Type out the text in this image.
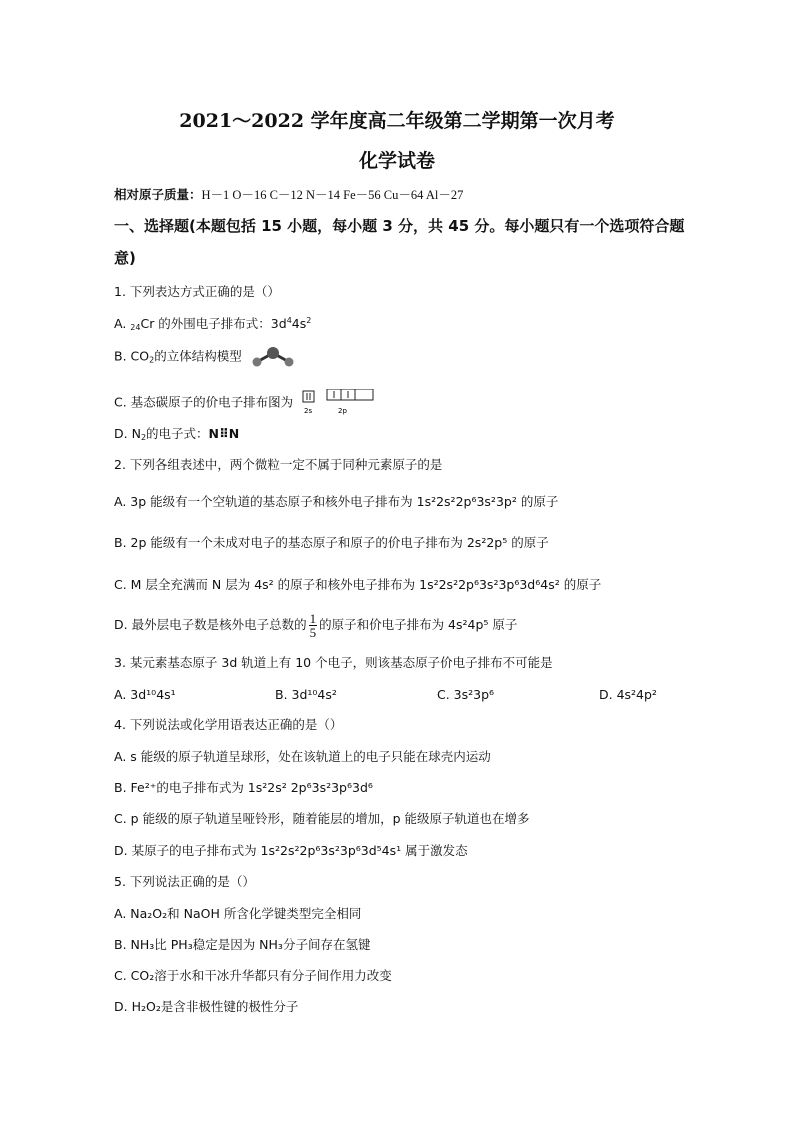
2021～2022 学年度高二年级第二学期第一次月考
化学试卷
相对原子质量：H－1 O－16 C－12 N－14 Fe－56 Cu－64 Al－27
一、选择题(本题包括 15 小题，每小题 3 分，共 45 分。每小题只有一个选项符合题
意)
1. 下列表达方式正确的是（）
A. $_{24}$Cr 的外围电子排布式：$3d^44s^2$
B. $CO_2$的立体结构模型
C. 基态碳原子的价电子排布图为
2s	2p
D. $N_2$的电子式：N⠿N
2. 下列各组表述中，两个微粒一定不属于同种元素原子的是
A. 3p 能级有一个空轨道的基态原子和核外电子排布为 1s²2s²2p⁶3s²3p² 的原子
B. 2p 能级有一个未成对电子的基态原子和原子的价电子排布为 2s²2p⁵ 的原子
C. M 层全充满而 N 层为 4s² 的原子和核外电子排布为 1s²2s²2p⁶3s²3p⁶3d⁶4s² 的原子
D. 最外层电子数是核外电子总数的 $\frac{1}{5}$ 的原子和价电子排布为 4s²4p⁵ 原子
3. 某元素基态原子 3d 轨道上有 10 个电子，则该基态原子价电子排布不可能是
A. 3d¹⁰4s¹	B. 3d¹⁰4s²	C. 3s²3p⁶	D. 4s²4p²
4. 下列说法或化学用语表达正确的是（）
A. s 能级的原子轨道呈球形，处在该轨道上的电子只能在球壳内运动
B. Fe²⁺的电子排布式为 1s²2s² 2p⁶3s²3p⁶3d⁶
C. p 能级的原子轨道呈哑铃形，随着能层的增加，p 能级原子轨道也在增多
D. 某原子的电子排布式为 1s²2s²2p⁶3s²3p⁶3d⁵4s¹ 属于激发态
5. 下列说法正确的是（）
A. Na₂O₂和 NaOH 所含化学键类型完全相同
B. NH₃比 PH₃稳定是因为 NH₃分子间存在氢键
C. CO₂溶于水和干冰升华都只有分子间作用力改变
D. H₂O₂是含非极性键的极性分子
